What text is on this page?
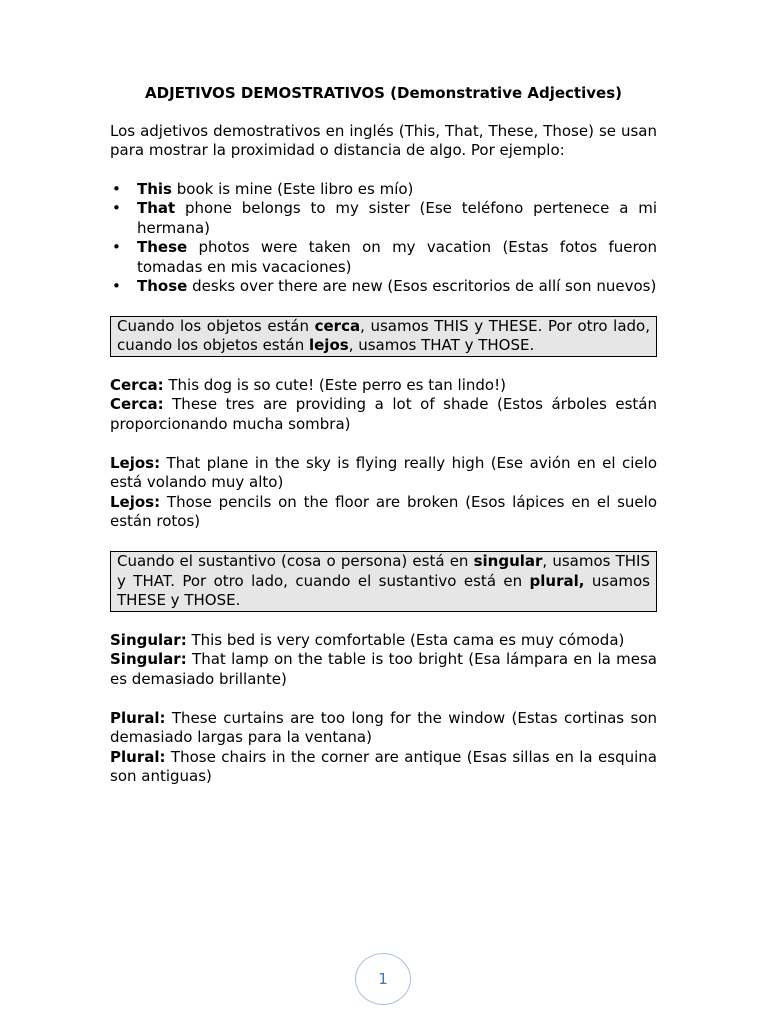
ADJETIVOS DEMOSTRATIVOS (Demonstrative Adjectives)

Los adjetivos demostrativos en inglés (This, That, These, Those) se usan para mostrar la proximidad o distancia de algo. Por ejemplo:

• This book is mine (Este libro es mío)
• That phone belongs to my sister (Ese teléfono pertenece a mi hermana)
• These photos were taken on my vacation (Estas fotos fueron tomadas en mis vacaciones)
• Those desks over there are new (Esos escritorios de allí son nuevos)
Cuando los objetos están cerca, usamos THIS y THESE. Por otro lado, cuando los objetos están lejos, usamos THAT y THOSE.

Cerca: This dog is so cute! (Este perro es tan lindo!)

Cerca: These tres are providing a lot of shade (Estos árboles están proporcionando mucha sombra)

Lejos: That plane in the sky is flying really high (Ese avión en el cielo está volando muy alto)

Lejos: Those pencils on the floor are broken (Esos lápices en el suelo están rotos)

Cuando el sustantivo (cosa o persona) está en singular, usamos THIS y THAT. Por otro lado, cuando el sustantivo está en plural, usamos THESE y THOSE.

Singular: This bed is very comfortable (Esta cama es muy cómoda)

Singular: That lamp on the table is too bright (Esa lámpara en la mesa es demasiado brillante)

Plural: These curtains are too long for the window (Estas cortinas son demasiado largas para la ventana)

Plural: Those chairs in the corner are antique (Esas sillas en la esquina son antiguas)

1
